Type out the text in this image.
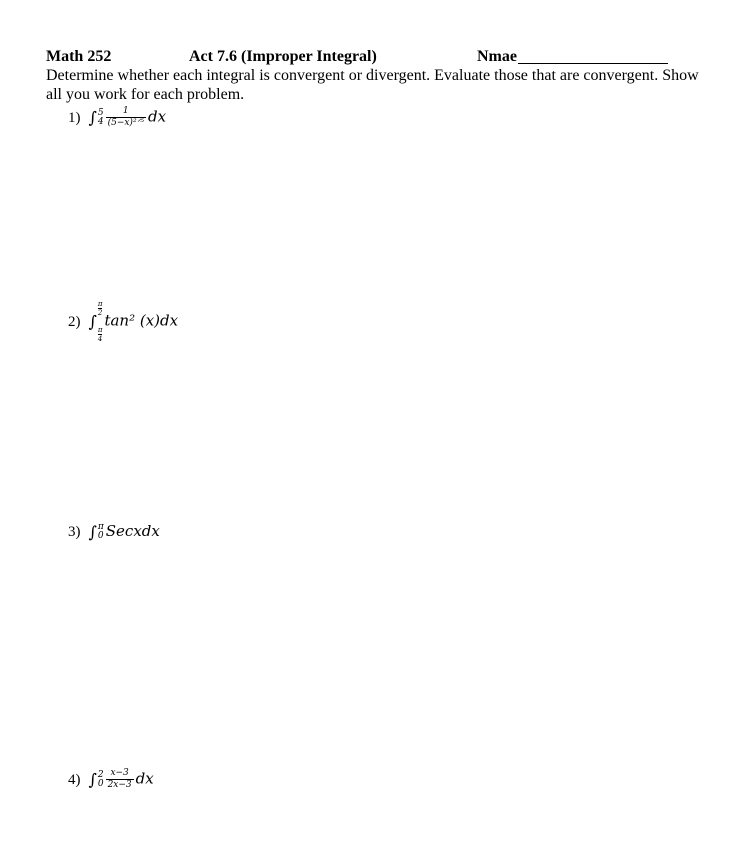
Math 252	Act 7.6 (Improper Integral)	Nmae
Determine whether each integral is convergent or divergent. Evaluate those that are convergent. Show all you work for each problem.
1) ∫ 5
$4 \frac{1}{\text{(5−x)²ᐟ⁵}}$ dx
2) ∫
π
2

π
4
tan² (x)dx
3) ∫ π
0 Secxdx
4) ∫ 2
$0 \frac{x-3}{2x-3}$ dx
